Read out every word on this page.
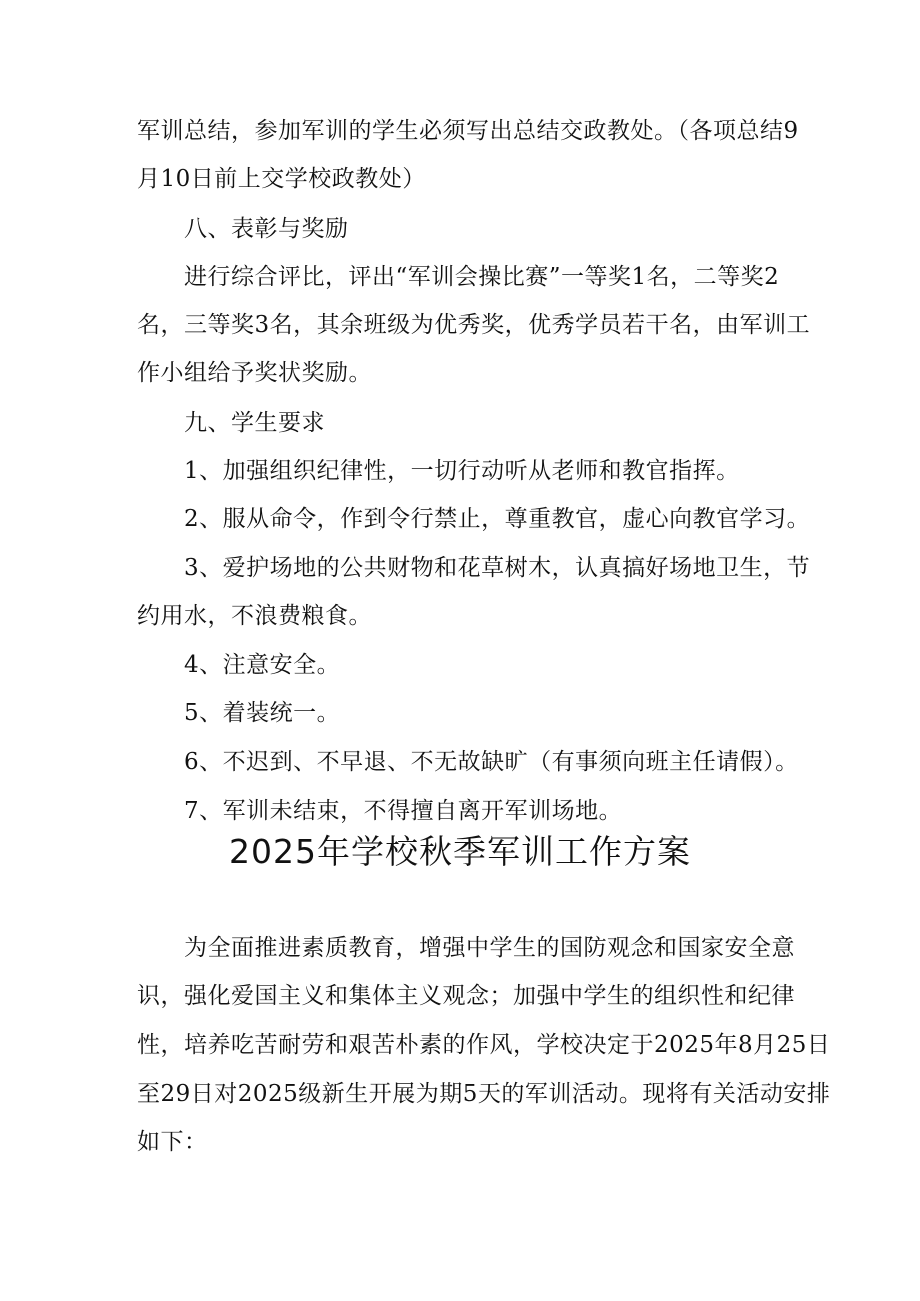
军训总结，参加军训的学生必须写出总结交政教处。（各项总结9
月10日前上交学校政教处）
八、表彰与奖励
进行综合评比，评出“军训会操比赛”一等奖1名，二等奖2
名，三等奖3名，其余班级为优秀奖，优秀学员若干名，由军训工
作小组给予奖状奖励。
九、学生要求
1、加强组织纪律性，一切行动听从老师和教官指挥。
2、服从命令，作到令行禁止，尊重教官，虚心向教官学习。
3、爱护场地的公共财物和花草树木，认真搞好场地卫生，节
约用水，不浪费粮食。
4、注意安全。
5、着装统一。
6、不迟到、不早退、不无故缺旷（有事须向班主任请假）。
7、军训未结束，不得擅自离开军训场地。
2025年学校秋季军训工作方案
为全面推进素质教育，增强中学生的国防观念和国家安全意
识，强化爱国主义和集体主义观念；加强中学生的组织性和纪律
性，培养吃苦耐劳和艰苦朴素的作风，学校决定于2025年8月25日
至29日对2025级新生开展为期5天的军训活动。现将有关活动安排
如下：
